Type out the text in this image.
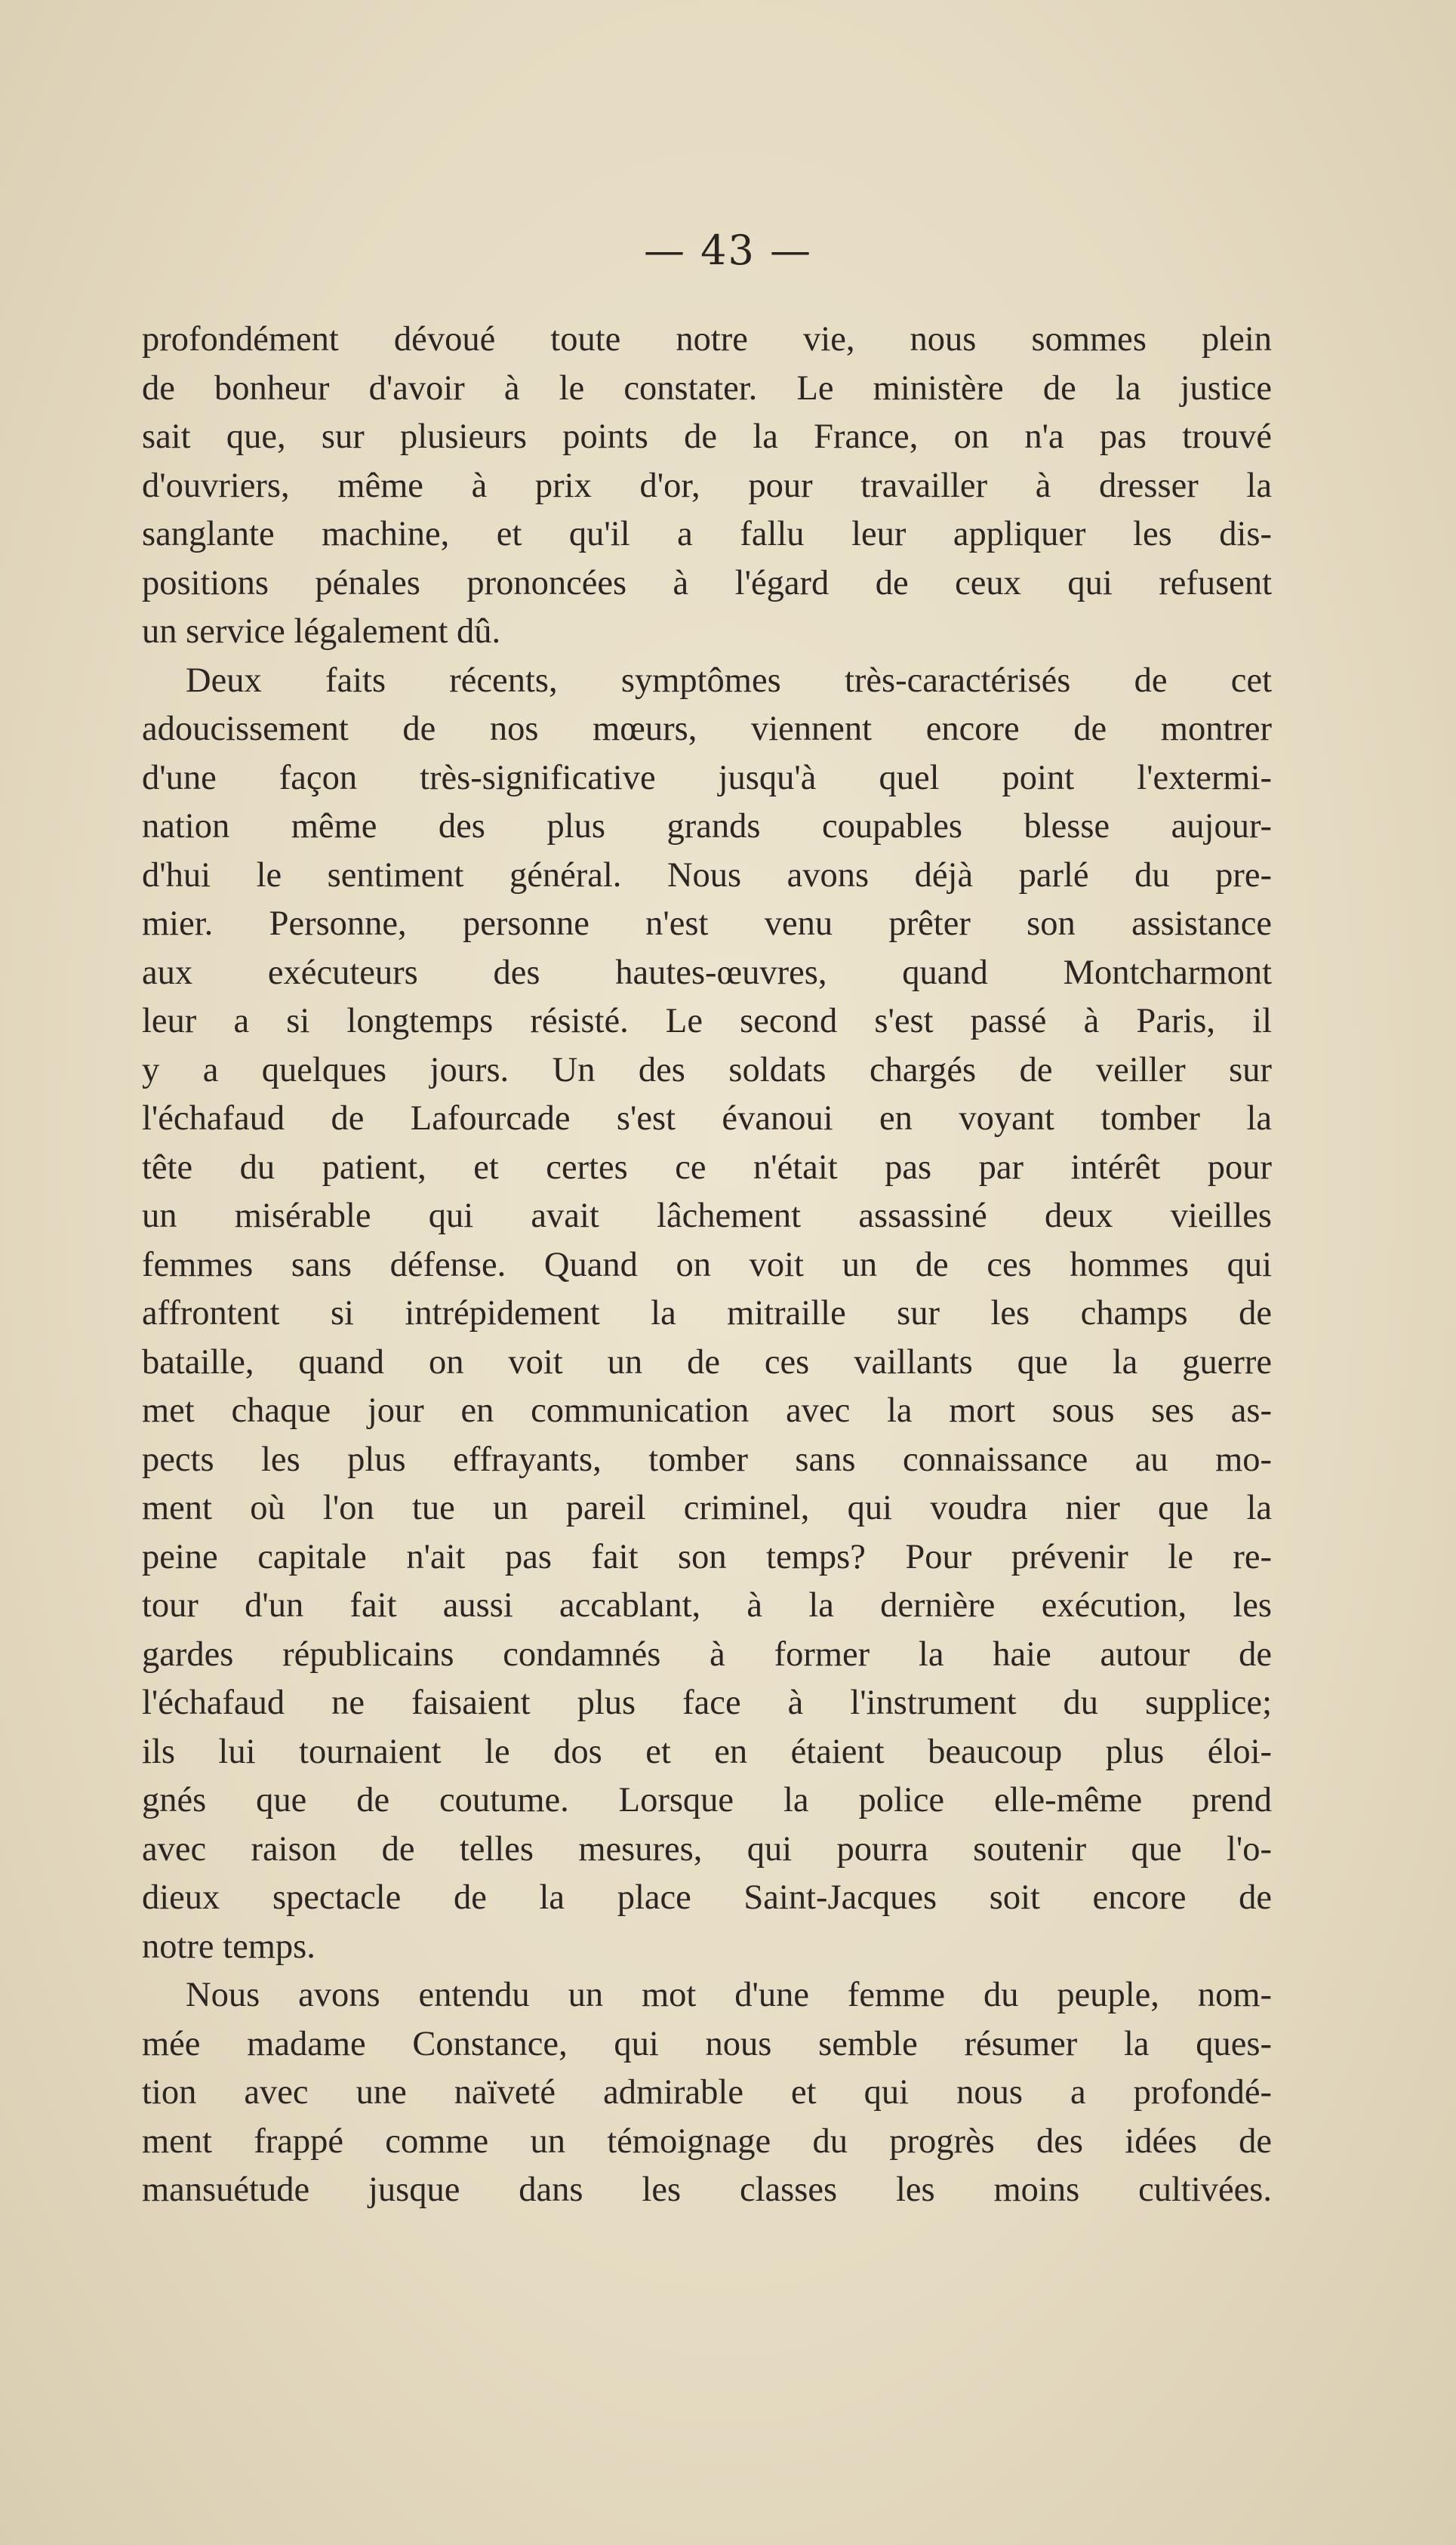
— 43 —
profondément dévoué toute notre vie, nous sommes plein
de bonheur d'avoir à le constater. Le ministère de la justice
sait que, sur plusieurs points de la France, on n'a pas trouvé
d'ouvriers, même à prix d'or, pour travailler à dresser la
sanglante machine, et qu'il a fallu leur appliquer les dis-
positions pénales prononcées à l'égard de ceux qui refusent
un service légalement dû.
Deux faits récents, symptômes très-caractérisés de cet
adoucissement de nos mœurs, viennent encore de montrer
d'une façon très-significative jusqu'à quel point l'extermi-
nation même des plus grands coupables blesse aujour-
d'hui le sentiment général. Nous avons déjà parlé du pre-
mier. Personne, personne n'est venu prêter son assistance
aux exécuteurs des hautes-œuvres, quand Montcharmont
leur a si longtemps résisté. Le second s'est passé à Paris, il
y a quelques jours. Un des soldats chargés de veiller sur
l'échafaud de Lafourcade s'est évanoui en voyant tomber la
tête du patient, et certes ce n'était pas par intérêt pour
un misérable qui avait lâchement assassiné deux vieilles
femmes sans défense. Quand on voit un de ces hommes qui
affrontent si intrépidement la mitraille sur les champs de
bataille, quand on voit un de ces vaillants que la guerre
met chaque jour en communication avec la mort sous ses as-
pects les plus effrayants, tomber sans connaissance au mo-
ment où l'on tue un pareil criminel, qui voudra nier que la
peine capitale n'ait pas fait son temps? Pour prévenir le re-
tour d'un fait aussi accablant, à la dernière exécution, les
gardes républicains condamnés à former la haie autour de
l'échafaud ne faisaient plus face à l'instrument du supplice;
ils lui tournaient le dos et en étaient beaucoup plus éloi-
gnés que de coutume. Lorsque la police elle-même prend
avec raison de telles mesures, qui pourra soutenir que l'o-
dieux spectacle de la place Saint-Jacques soit encore de
notre temps.
Nous avons entendu un mot d'une femme du peuple, nom-
mée madame Constance, qui nous semble résumer la ques-
tion avec une naïveté admirable et qui nous a profondé-
ment frappé comme un témoignage du progrès des idées de
mansuétude jusque dans les classes les moins cultivées.
